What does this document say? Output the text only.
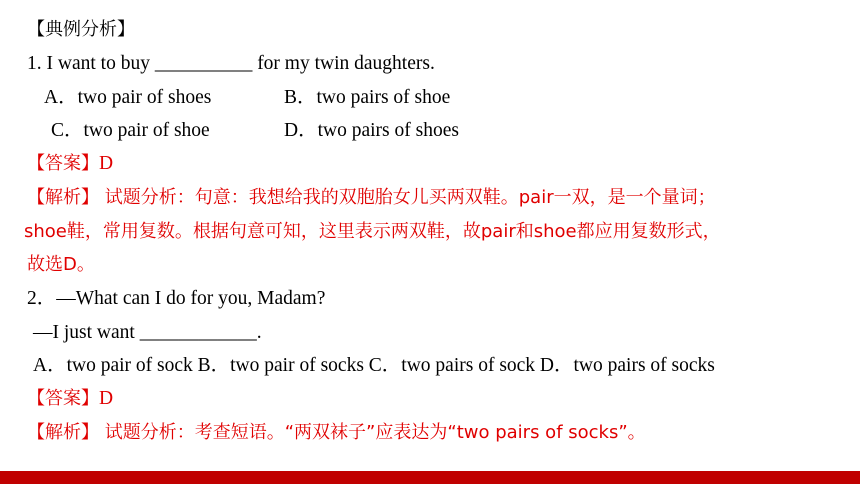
【典例分析】
1. I want to buy __________ for my twin daughters.
A．two pair of shoes	B．two pairs of shoe
C．two pair of shoe	D．two pairs of shoes
【答案】D
【解析】 试题分析：句意：我想给我的双胞胎女儿买两双鞋。pair一双，是一个量词；
shoe鞋，常用复数。根据句意可知，这里表示两双鞋，故pair和shoe都应用复数形式，
故选D。
2．—What can I do for you, Madam?
—I just want ____________.
A．two pair of sock B．two pair of socks C．two pairs of sock D．two pairs of socks
【答案】D
【解析】 试题分析：考查短语。“两双袜子”应表达为“two pairs of socks”。
